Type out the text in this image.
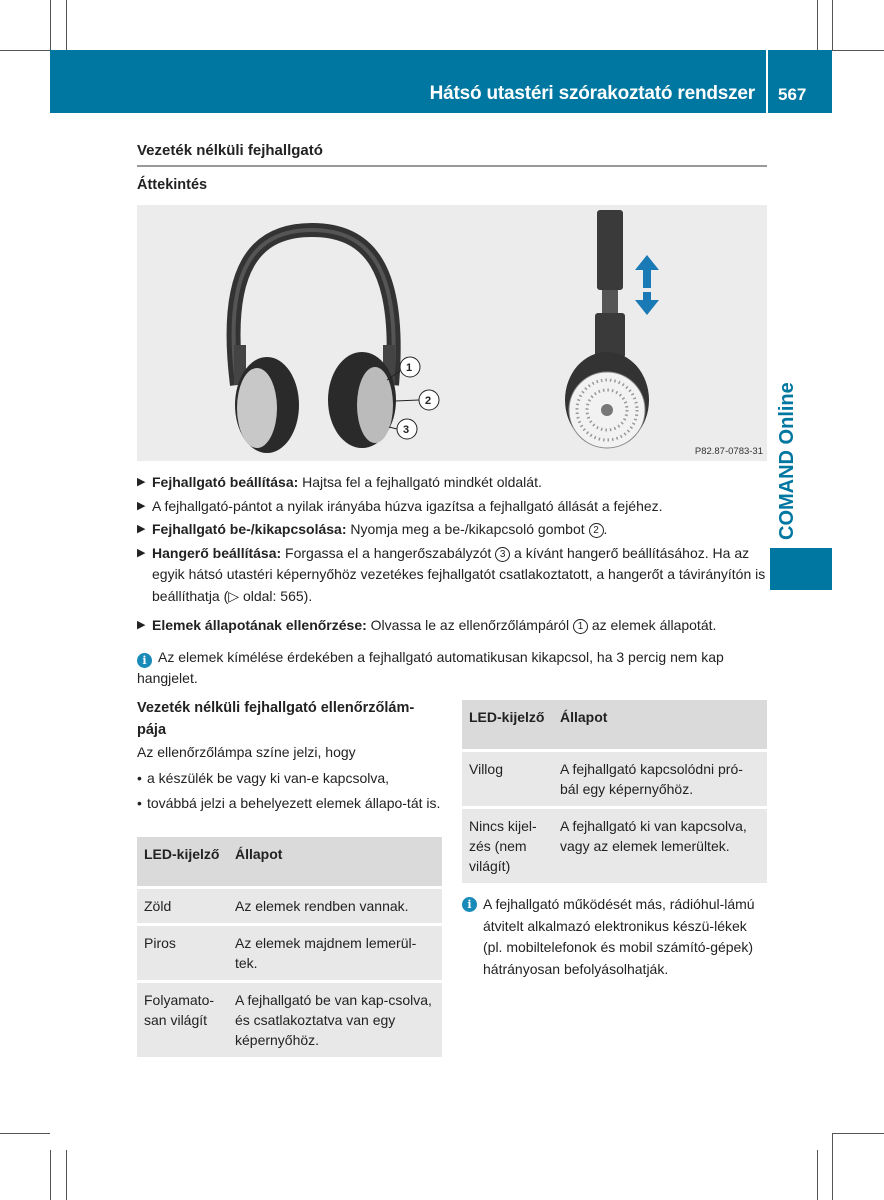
Hátsó utastéri szórakoztató rendszer 567
Vezeték nélküli fejhallgató
Áttekintés
1
2
3
P82.87-0783-31
▶ Fejhallgató beállítása: Hajtsa fel a fejhallgató mindkét oldalát.
▶ A fejhallgató-pántot a nyilak irányába húzva igazítsa a fejhallgató állását a fejéhez.
▶ Fejhallgató be-/kikapcsolása: Nyomja meg a be-/kikapcsoló gombot 2 .
▶ Hangerő beállítása: Forgassa el a hangerőszabályzót 3 a kívánt hangerő beállításához. Ha az egyik hátsó utastéri képernyőhöz vezetékes fejhallgatót csatlakoztatott, a hangerőt a távirányítón is beállíthatja (▷ oldal: 565).
▶ Elemek állapotának ellenőrzése: Olvassa le az ellenőrzőlámpáról 1 az elemek állapotát.
i Az elemek kímélése érdekében a fejhallgató automatikusan kikapcsol, ha 3 percig nem kap hangjelet.
Vezeték nélküli fejhallgató ellenőrzőlám-pája
Az ellenőrzőlámpa színe jelzi, hogy
• a készülék be vagy ki van-e kapcsolva,
• továbbá jelzi a behelyezett elemek állapo-tát is.
LED-kijelző	Állapot
Zöld	Az elemek rendben vannak.
Piros	Az elemek majdnem lemerül-tek.
Folyamato-san világít	A fejhallgató be van kap-csolva, és csatlakoztatva van egy képernyőhöz.
LED-kijelző	Állapot
Villog	A fejhallgató kapcsolódni pró-bál egy képernyőhöz.
Nincs kijel-zés (nem világít)	A fejhallgató ki van kapcsolva, vagy az elemek lemerültek.
i A fejhallgató működését más, rádióhul-lámú átvitelt alkalmazó elektronikus készü-lékek (pl. mobiltelefonok és mobil számító-gépek) hátrányosan befolyásolhatják.
COMAND Online
